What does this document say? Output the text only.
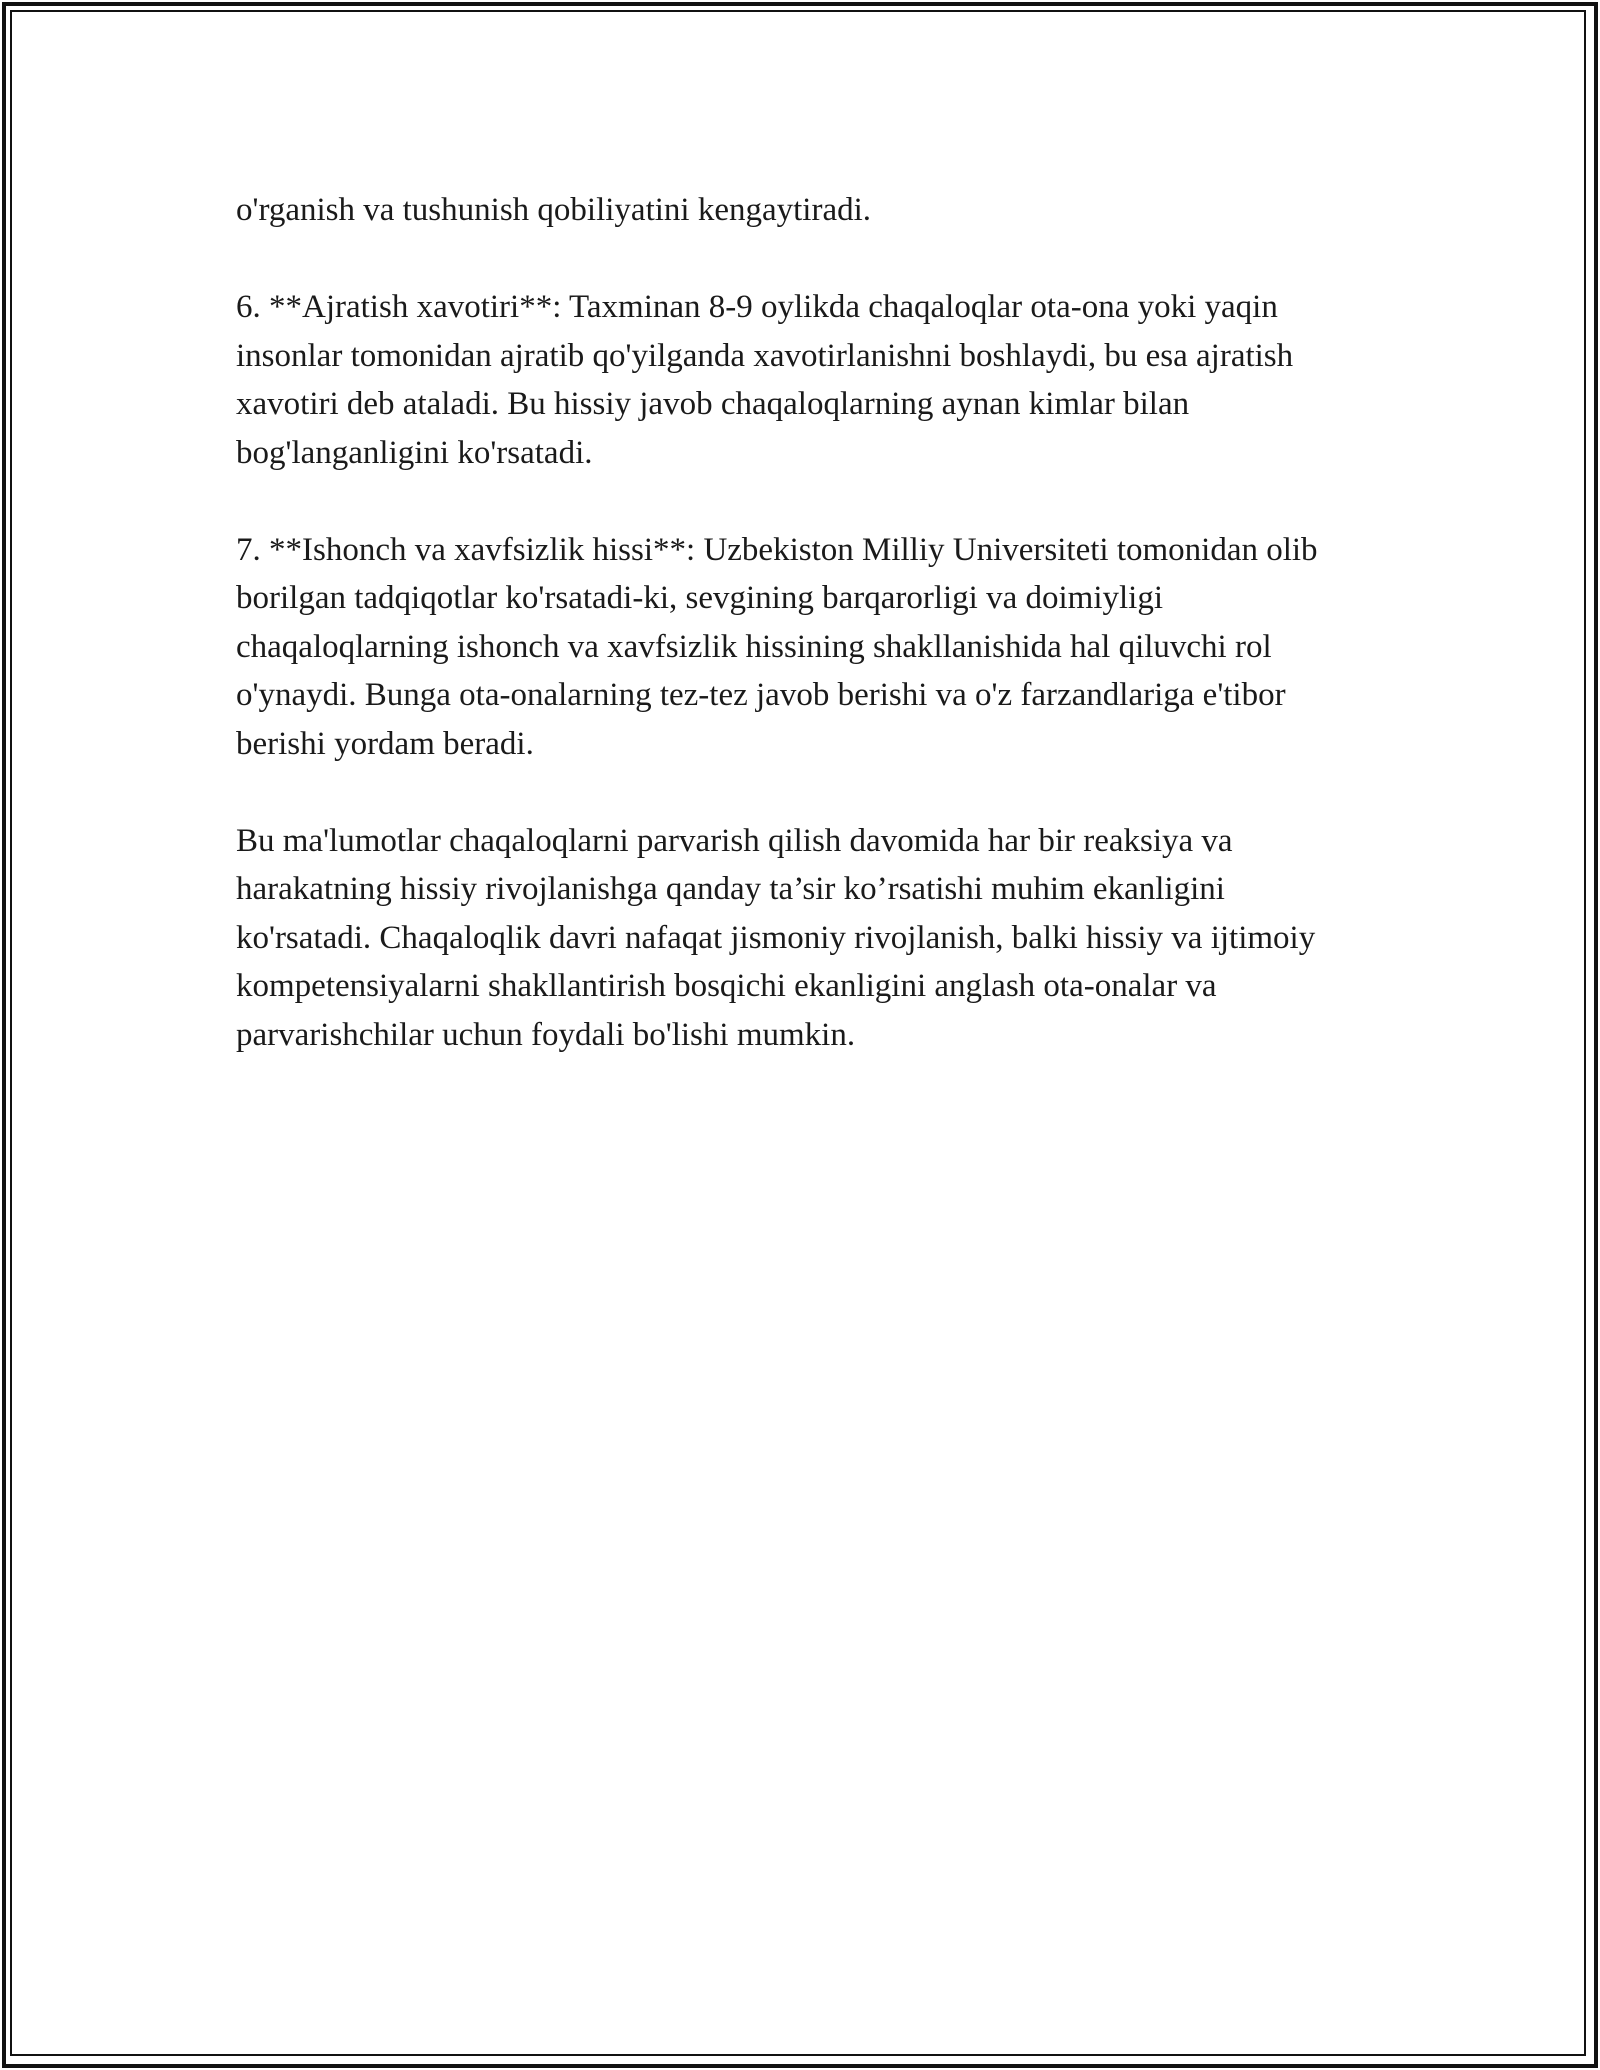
o'rganish va tushunish qobiliyatini kengaytiradi.

6. **Ajratish xavotiri**: Taxminan 8-9 oylikda chaqaloqlar ota-ona yoki yaqin insonlar tomonidan ajratib qo'yilganda xavotirlanishni boshlaydi, bu esa ajratish xavotiri deb ataladi. Bu hissiy javob chaqaloqlarning aynan kimlar bilan bog'langanligini ko'rsatadi.

7. **Ishonch va xavfsizlik hissi**: Uzbekiston Milliy Universiteti tomonidan olib borilgan tadqiqotlar ko'rsatadi-ki, sevgining barqarorligi va doimiyligi chaqaloqlarning ishonch va xavfsizlik hissining shakllanishida hal qiluvchi rol o'ynaydi. Bunga ota-onalarning tez-tez javob berishi va o'z farzandlariga e'tibor berishi yordam beradi.

Bu ma'lumotlar chaqaloqlarni parvarish qilish davomida har bir reaksiya va harakatning hissiy rivojlanishga qanday ta’sir ko’rsatishi muhim ekanligini ko'rsatadi. Chaqaloqlik davri nafaqat jismoniy rivojlanish, balki hissiy va ijtimoiy kompetensiyalarni shakllantirish bosqichi ekanligini anglash ota-onalar va parvarishchilar uchun foydali bo'lishi mumkin.
